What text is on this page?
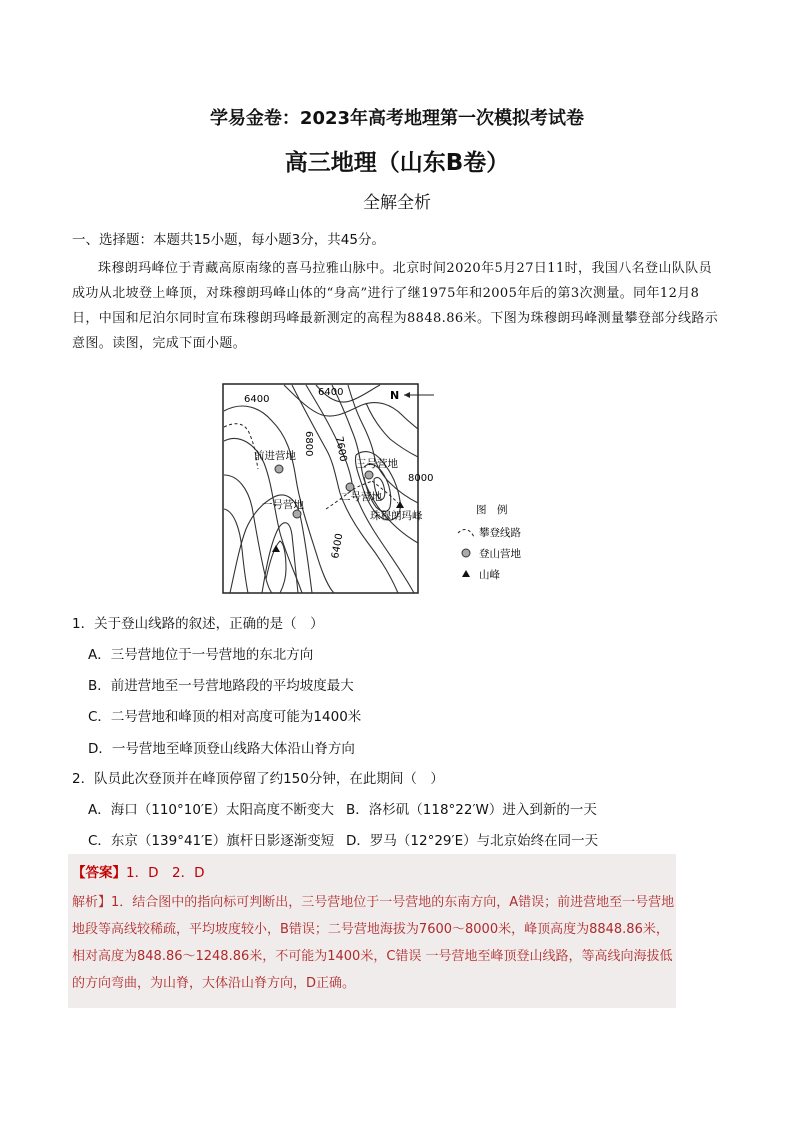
学易金卷：2023年高考地理第一次模拟考试卷
高三地理（山东B卷）
全解全析
一、选择题：本题共15小题，每小题3分，共45分。
珠穆朗玛峰位于青藏高原南缘的喜马拉雅山脉中。北京时间2020年5月27日11时，我国八名登山队队员成功从北坡登上峰顶，对珠穆朗玛峰山体的“身高”进行了继1975年和2005年后的第3次测量。同年12月8日，中国和尼泊尔同时宣布珠穆朗玛峰最新测定的高程为8848.86米。下图为珠穆朗玛峰测量攀登部分线路示意图。读图，完成下面小题。
6400
6400
6800 7600
8000
6400
N
前进营地
三号营地
二号营地
一号营地
珠穆朗玛峰	图　例
攀登线路
登山营地
山峰
1．关于登山线路的叙述，正确的是（　）
A．三号营地位于一号营地的东北方向
B．前进营地至一号营地路段的平均坡度最大
C．二号营地和峰顶的相对高度可能为1400米
D．一号营地至峰顶登山线路大体沿山脊方向
2．队员此次登顶并在峰顶停留了约150分钟，在此期间（　）
A．海口（110°10′E）太阳高度不断变大 B．洛杉矶（118°22′W）进入到新的一天
C．东京（139°41′E）旗杆日影逐渐变短 D．罗马（12°29′E）与北京始终在同一天
【答案】1．D　2．D
解析】1．结合图中的指向标可判断出，三号营地位于一号营地的东南方向，A错误；前进营地至一号营地地段等高线较稀疏，平均坡度较小，B错误；二号营地海拔为7600～8000米，峰顶高度为8848.86米，相对高度为848.86～1248.86米，不可能为1400米，C错误 一号营地至峰顶登山线路，等高线向海拔低的方向弯曲，为山脊，大体沿山脊方向，D正确。
